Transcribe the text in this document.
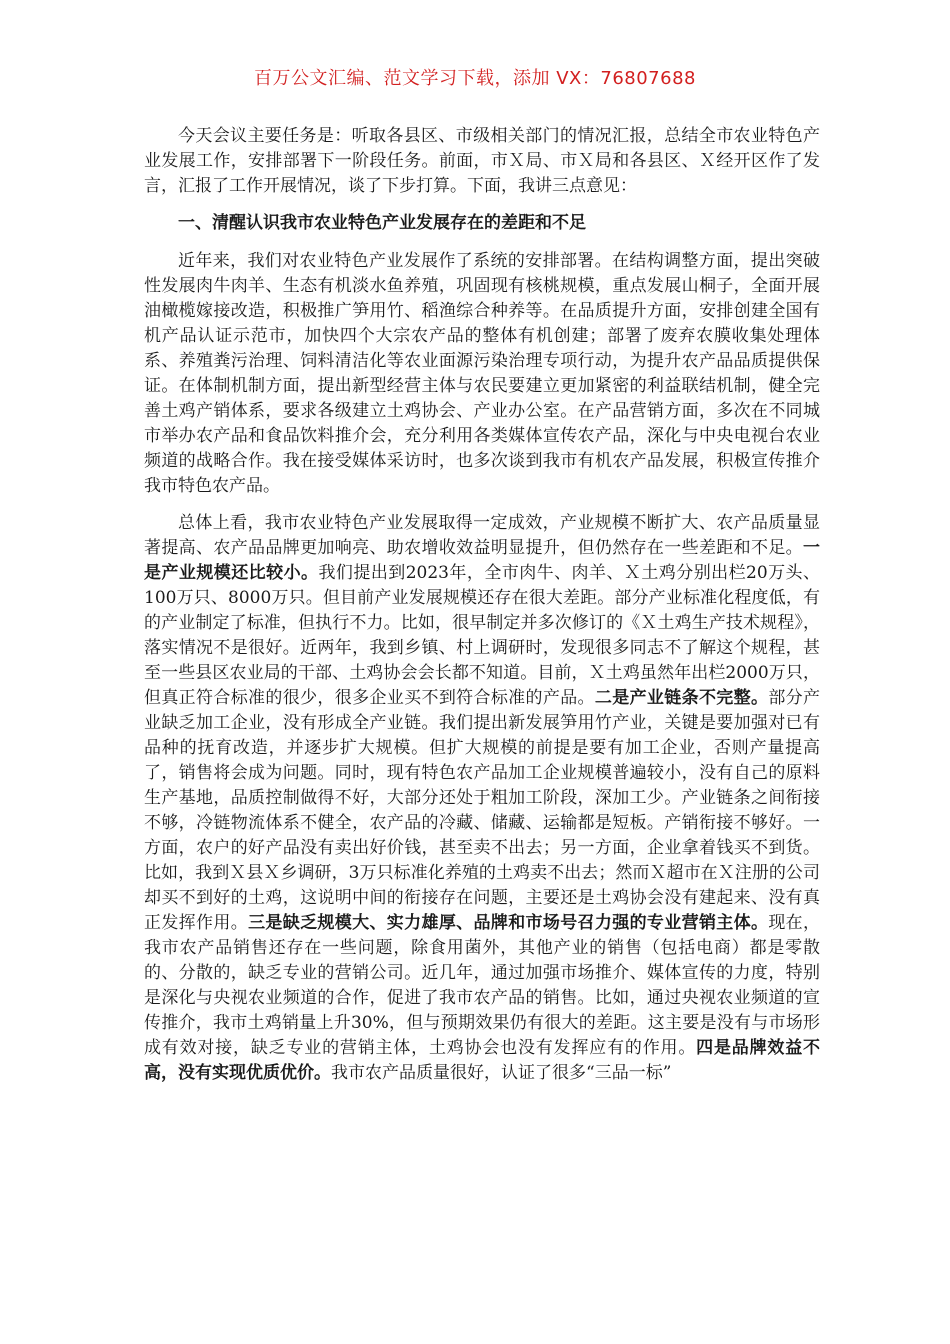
百万公文汇编、范文学习下载，添加 VX：76807688

今天会议主要任务是：听取各县区、市级相关部门的情况汇报，总结全市农业特色产业发展工作，安排部署下一阶段任务。前面，市Ｘ局、市Ｘ局和各县区、Ｘ经开区作了发言，汇报了工作开展情况，谈了下步打算。下面，我讲三点意见：

一、清醒认识我市农业特色产业发展存在的差距和不足

近年来，我们对农业特色产业发展作了系统的安排部署。在结构调整方面，提出突破性发展肉牛肉羊、生态有机淡水鱼养殖，巩固现有核桃规模，重点发展山桐子，全面开展油橄榄嫁接改造，积极推广笋用竹、稻渔综合种养等。在品质提升方面，安排创建全国有机产品认证示范市，加快四个大宗农产品的整体有机创建；部署了废弃农膜收集处理体系、养殖粪污治理、饲料清洁化等农业面源污染治理专项行动，为提升农产品品质提供保证。在体制机制方面，提出新型经营主体与农民要建立更加紧密的利益联结机制，健全完善土鸡产销体系，要求各级建立土鸡协会、产业办公室。在产品营销方面，多次在不同城市举办农产品和食品饮料推介会，充分利用各类媒体宣传农产品，深化与中央电视台农业频道的战略合作。我在接受媒体采访时，也多次谈到我市有机农产品发展，积极宣传推介我市特色农产品。

总体上看，我市农业特色产业发展取得一定成效，产业规模不断扩大、农产品质量显著提高、农产品品牌更加响亮、助农增收效益明显提升，但仍然存在一些差距和不足。一是产业规模还比较小。我们提出到2023年，全市肉牛、肉羊、Ｘ土鸡分别出栏20万头、100万只、8000万只。但目前产业发展规模还存在很大差距。部分产业标准化程度低，有的产业制定了标准，但执行不力。比如，很早制定并多次修订的《Ｘ土鸡生产技术规程》，落实情况不是很好。近两年，我到乡镇、村上调研时，发现很多同志不了解这个规程，甚至一些县区农业局的干部、土鸡协会会长都不知道。目前，Ｘ土鸡虽然年出栏2000万只，但真正符合标准的很少，很多企业买不到符合标准的产品。二是产业链条不完整。部分产业缺乏加工企业，没有形成全产业链。我们提出新发展笋用竹产业，关键是要加强对已有品种的抚育改造，并逐步扩大规模。但扩大规模的前提是要有加工企业，否则产量提高了，销售将会成为问题。同时，现有特色农产品加工企业规模普遍较小，没有自己的原料生产基地，品质控制做得不好，大部分还处于粗加工阶段，深加工少。产业链条之间衔接不够，冷链物流体系不健全，农产品的冷藏、储藏、运输都是短板。产销衔接不够好。一方面，农户的好产品没有卖出好价钱，甚至卖不出去；另一方面，企业拿着钱买不到货。比如，我到Ｘ县Ｘ乡调研，3万只标准化养殖的土鸡卖不出去；然而Ｘ超市在Ｘ注册的公司却买不到好的土鸡，这说明中间的衔接存在问题，主要还是土鸡协会没有建起来、没有真正发挥作用。三是缺乏规模大、实力雄厚、品牌和市场号召力强的专业营销主体。现在，我市农产品销售还存在一些问题，除食用菌外，其他产业的销售（包括电商）都是零散的、分散的，缺乏专业的营销公司。近几年，通过加强市场推介、媒体宣传的力度，特别是深化与央视农业频道的合作，促进了我市农产品的销售。比如，通过央视农业频道的宣传推介，我市土鸡销量上升30%，但与预期效果仍有很大的差距。这主要是没有与市场形成有效对接，缺乏专业的营销主体，土鸡协会也没有发挥应有的作用。四是品牌效益不高，没有实现优质优价。我市农产品质量很好，认证了很多“三品一标”
